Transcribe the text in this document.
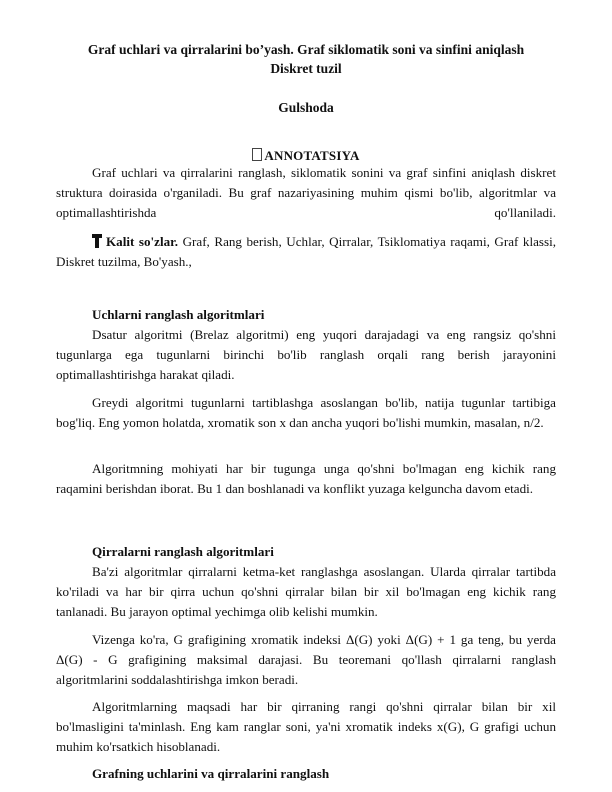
Graf uchlari va qirralarini bo’yash. Graf siklomatik soni va sinfini aniqlash
Diskret tuzil
Gulshoda
ANNOTATSIYA
Graf uchlari va qirralarini ranglash, siklomatik sonini va graf sinfini aniqlash diskret struktura doirasida o'rganiladi. Bu graf nazariyasining muhim qismi bo'lib, algoritmlar va optimallashtirishda qo'llaniladi.
Kalit so'zlar. Graf, Rang berish, Uchlar, Qirralar, Tsiklomatiya raqami, Graf klassi, Diskret tuzilma, Bo'yash.,
Uchlarni ranglash algoritmlari
Dsatur algoritmi (Brelaz algoritmi) eng yuqori darajadagi va eng rangsiz qo'shni tugunlarga ega tugunlarni birinchi bo'lib ranglash orqali rang berish jarayonini optimallashtirishga harakat qiladi.
Greydi algoritmi tugunlarni tartiblashga asoslangan bo'lib, natija tugunlar tartibiga bog'liq. Eng yomon holatda, xromatik son x dan ancha yuqori bo'lishi mumkin, masalan, n/2.
Algoritmning mohiyati har bir tugunga unga qo'shni bo'lmagan eng kichik rang raqamini berishdan iborat. Bu 1 dan boshlanadi va konflikt yuzaga kelguncha davom etadi.
Qirralarni ranglash algoritmlari
Ba'zi algoritmlar qirralarni ketma-ket ranglashga asoslangan. Ularda qirralar tartibda ko'riladi va har bir qirra uchun qo'shni qirralar bilan bir xil bo'lmagan eng kichik rang tanlanadi. Bu jarayon optimal yechimga olib kelishi mumkin.
Vizenga ko'ra, G grafigining xromatik indeksi Δ(G) yoki Δ(G) + 1 ga teng, bu yerda Δ(G) - G grafigining maksimal darajasi. Bu teoremani qo'llash qirralarni ranglash algoritmlarini soddalashtirishga imkon beradi.
Algoritmlarning maqsadi har bir qirraning rangi qo'shni qirralar bilan bir xil bo'lmasligini ta'minlash. Eng kam ranglar soni, ya'ni xromatik indeks x(G), G grafigi uchun muhim ko'rsatkich hisoblanadi.
Grafning uchlarini va qirralarini ranglash
